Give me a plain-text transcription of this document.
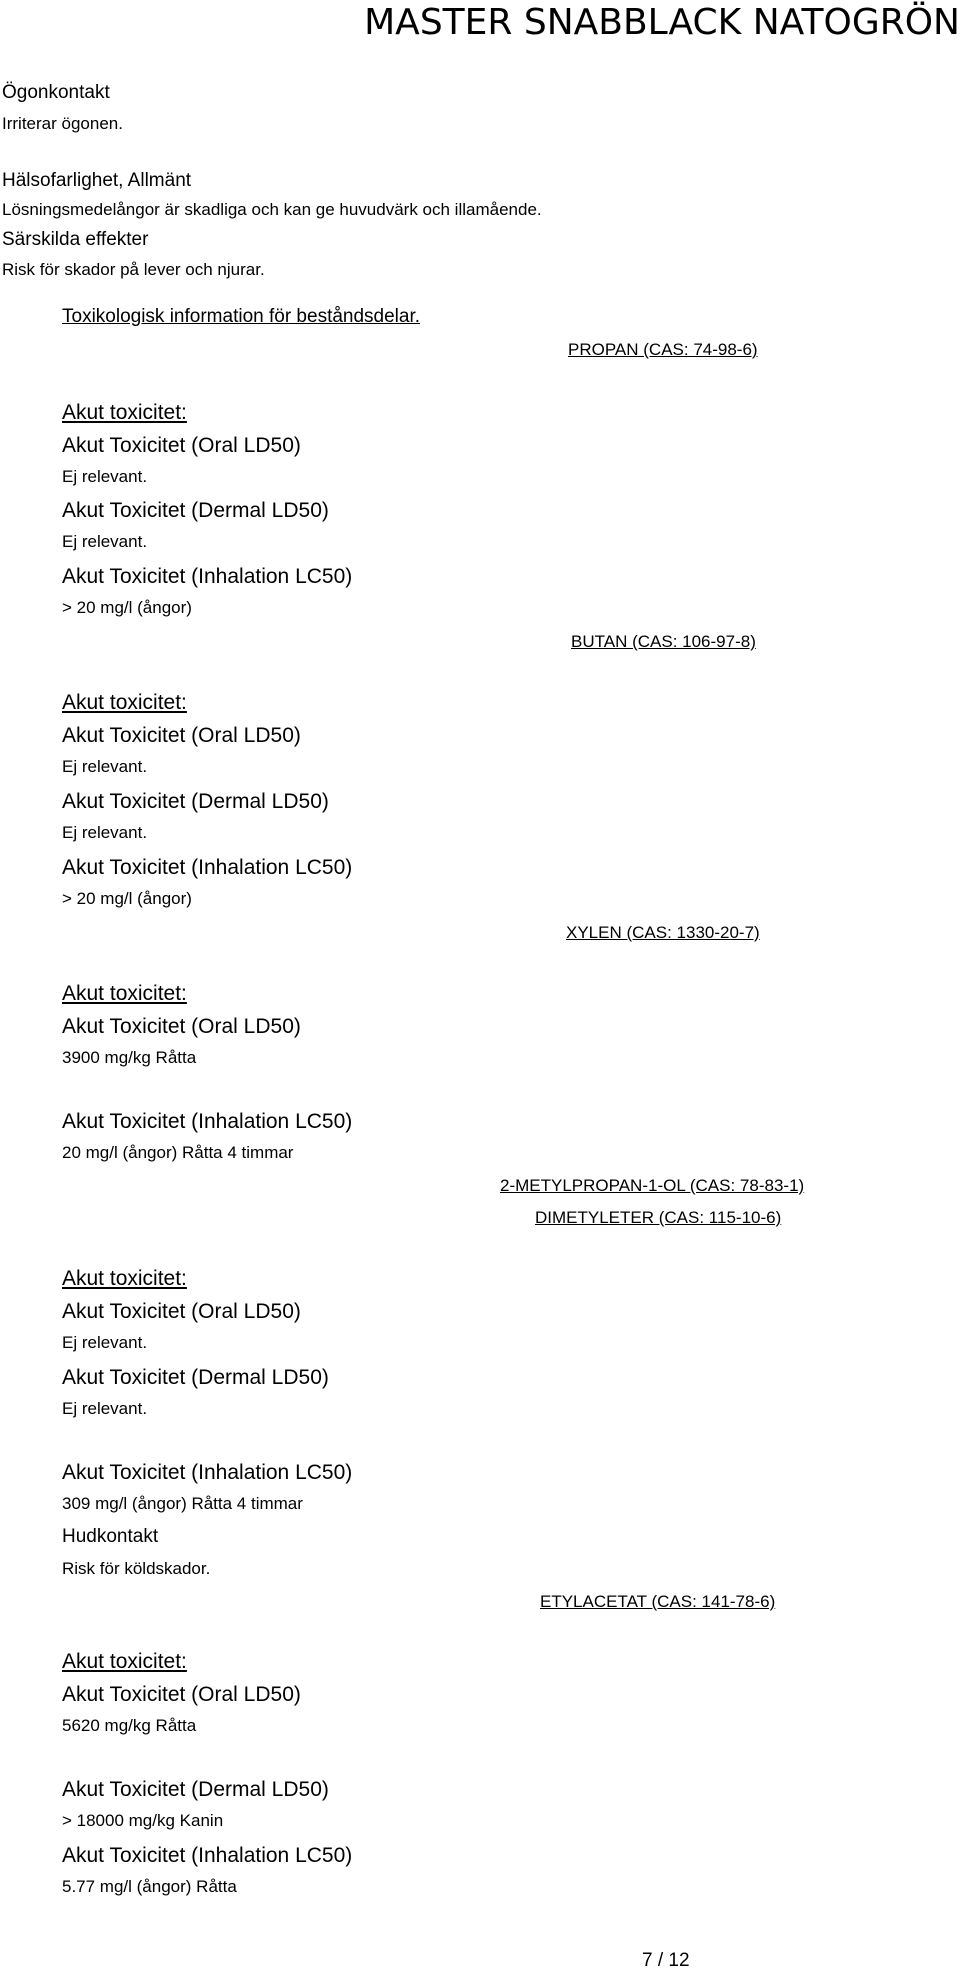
MASTER SNABBLACK NATOGRÖN
Ögonkontakt
Irriterar ögonen.
Hälsofarlighet, Allmänt
Lösningsmedelångor är skadliga och kan ge huvudvärk och illamående.
Särskilda effekter
Risk för skador på lever och njurar.
Toxikologisk information för beståndsdelar.
PROPAN (CAS: 74-98-6)
Akut toxicitet:
Akut Toxicitet (Oral LD50)
Ej relevant.
Akut Toxicitet (Dermal LD50)
Ej relevant.
Akut Toxicitet (Inhalation LC50)
> 20 mg/l (ångor)
BUTAN (CAS: 106-97-8)
Akut toxicitet:
Akut Toxicitet (Oral LD50)
Ej relevant.
Akut Toxicitet (Dermal LD50)
Ej relevant.
Akut Toxicitet (Inhalation LC50)
> 20 mg/l (ångor)
XYLEN (CAS: 1330-20-7)
Akut toxicitet:
Akut Toxicitet (Oral LD50)
3900 mg/kg Råtta
Akut Toxicitet (Inhalation LC50)
20 mg/l (ångor) Råtta 4 timmar
2-METYLPROPAN-1-OL (CAS: 78-83-1)
DIMETYLETER (CAS: 115-10-6)
Akut toxicitet:
Akut Toxicitet (Oral LD50)
Ej relevant.
Akut Toxicitet (Dermal LD50)
Ej relevant.
Akut Toxicitet (Inhalation LC50)
309 mg/l (ångor) Råtta 4 timmar
Hudkontakt
Risk för köldskador.
ETYLACETAT (CAS: 141-78-6)
Akut toxicitet:
Akut Toxicitet (Oral LD50)
5620 mg/kg Råtta
Akut Toxicitet (Dermal LD50)
> 18000 mg/kg Kanin
Akut Toxicitet (Inhalation LC50)
5.77 mg/l (ångor) Råtta
7 / 12
